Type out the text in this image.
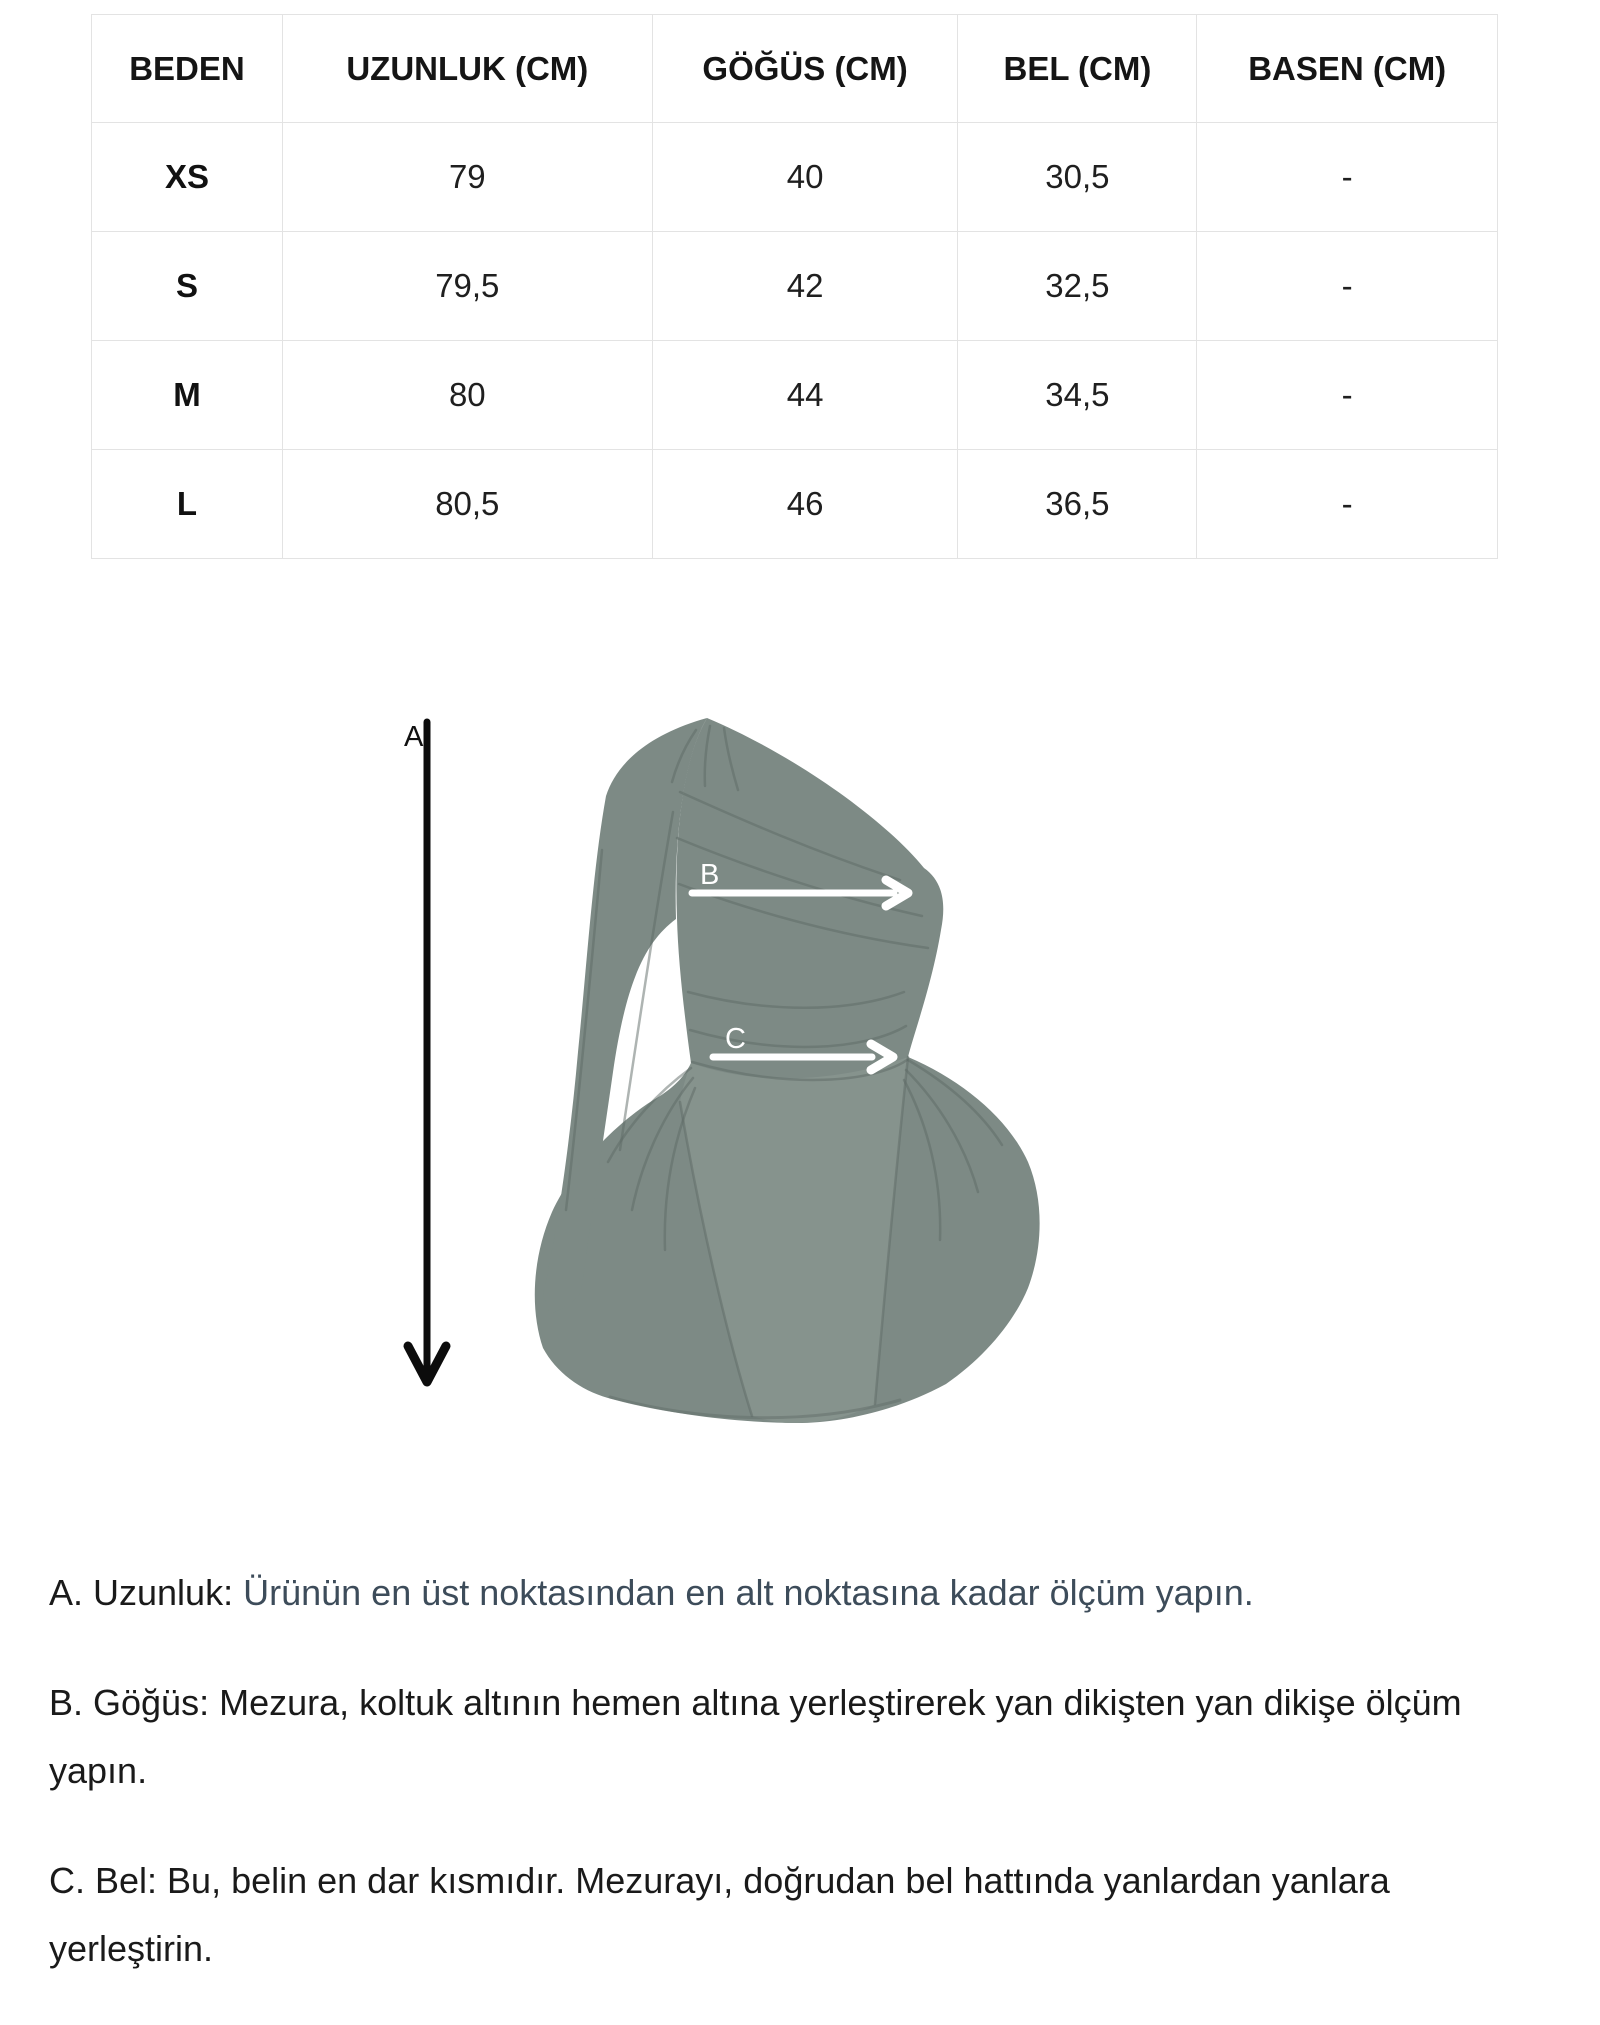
BEDEN	UZUNLUK (CM)	GÖĞÜS (CM)	BEL (CM)	BASEN (CM)
XS	79	40	30,5	-
S	79,5	42	32,5	-
M	80	44	34,5	-
L	80,5	46	36,5	-
A
B
C

A. Uzunluk: Ürünün en üst noktasından en alt noktasına kadar ölçüm yapın.

B. Göğüs: Mezura, koltuk altının hemen altına yerleştirerek yan dikişten yan dikişe ölçüm
yapın.

C. Bel: Bu, belin en dar kısmıdır. Mezurayı, doğrudan bel hattında yanlardan yanlara
yerleştirin.
